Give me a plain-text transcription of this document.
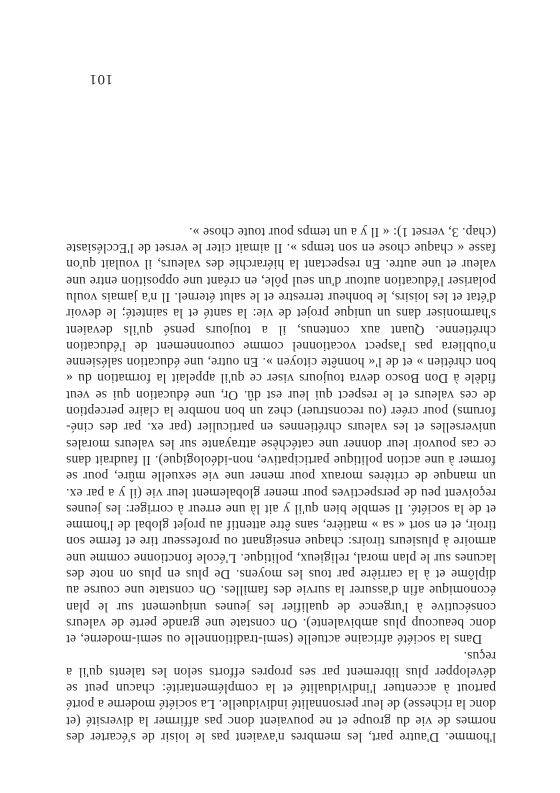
l'homme. D'autre part, les membres n'avaient pas le loisir de s'écarter des normes de vie du groupe et ne pouvaient donc pas affirmer la diversité (et donc la richesse) de leur personnalité individuelle. La société moderne a porté partout à accentuer l'individualité et la complémentarité: chacun peut se développer plus librement par ses propres efforts selon les talents qu'il a reçus.

Dans la société africaine actuelle (semi-traditionnelle ou semi-moderne, et donc beaucoup plus ambivalente). On constate une grande perte de valeurs consécutive à l'urgence de qualifier les jeunes uniquement sur le plan économique afin d'assurer la survie des familles. On constate une course au diplôme et à la carrière par tous les moyens. De plus en plus on note des lacunes sur le plan moral, religieux, politique. L'école fonctionne comme une armoire à plusieurs tiroirs: chaque enseignant ou professeur tire et ferme son tiroir, et en sort « sa » matière, sans être attentif au projet global de l'homme et de la société. Il semble bien qu'il y ait là une erreur à corriger: les jeunes reçoivent peu de perspectives pour mener globalement leur vie (il y a par ex. un manque de critères moraux pour mener une vie sexuelle mûre, pour se former à une action politique participative, non-idéologique). Il faudrait dans ce cas pouvoir leur donner une catéchèse attrayante sur les valeurs morales universelles et les valeurs chrétiennes en particulier (par ex. par des ciné-forums) pour créer (ou reconstruer) chez un bon nombre la claire perception de ces valeurs et le respect qui leur est dû. Or, une éducation qui se veut fidèle à Don Bosco devra toujours viser ce qu'il appelait la formation du « bon chrétien » et de l'« honnête citoyen ». En outre, une éducation salésienne n'oubliera pas l'aspect vocationnel comme couronnement de l'éducation chrétienne. Quant aux contenus, il a toujours pensé qu'ils devaient s'harmoniser dans un unique projet de vie: la santé et la sainteté; le devoir d'état et les loisirs, le bonheur terrestre et le salut éternel. Il n'a jamais voulu polariser l'éducation autour d'un seul pôle, en créant une opposition entre une valeur et une autre. En respectant la hiérarchie des valeurs, il voulait qu'on fasse « chaque chose en son temps ». Il aimait citer le verset de l'Ecclésiaste (chap. 3, verset 1): « Il y a un temps pour toute chose ».

101
